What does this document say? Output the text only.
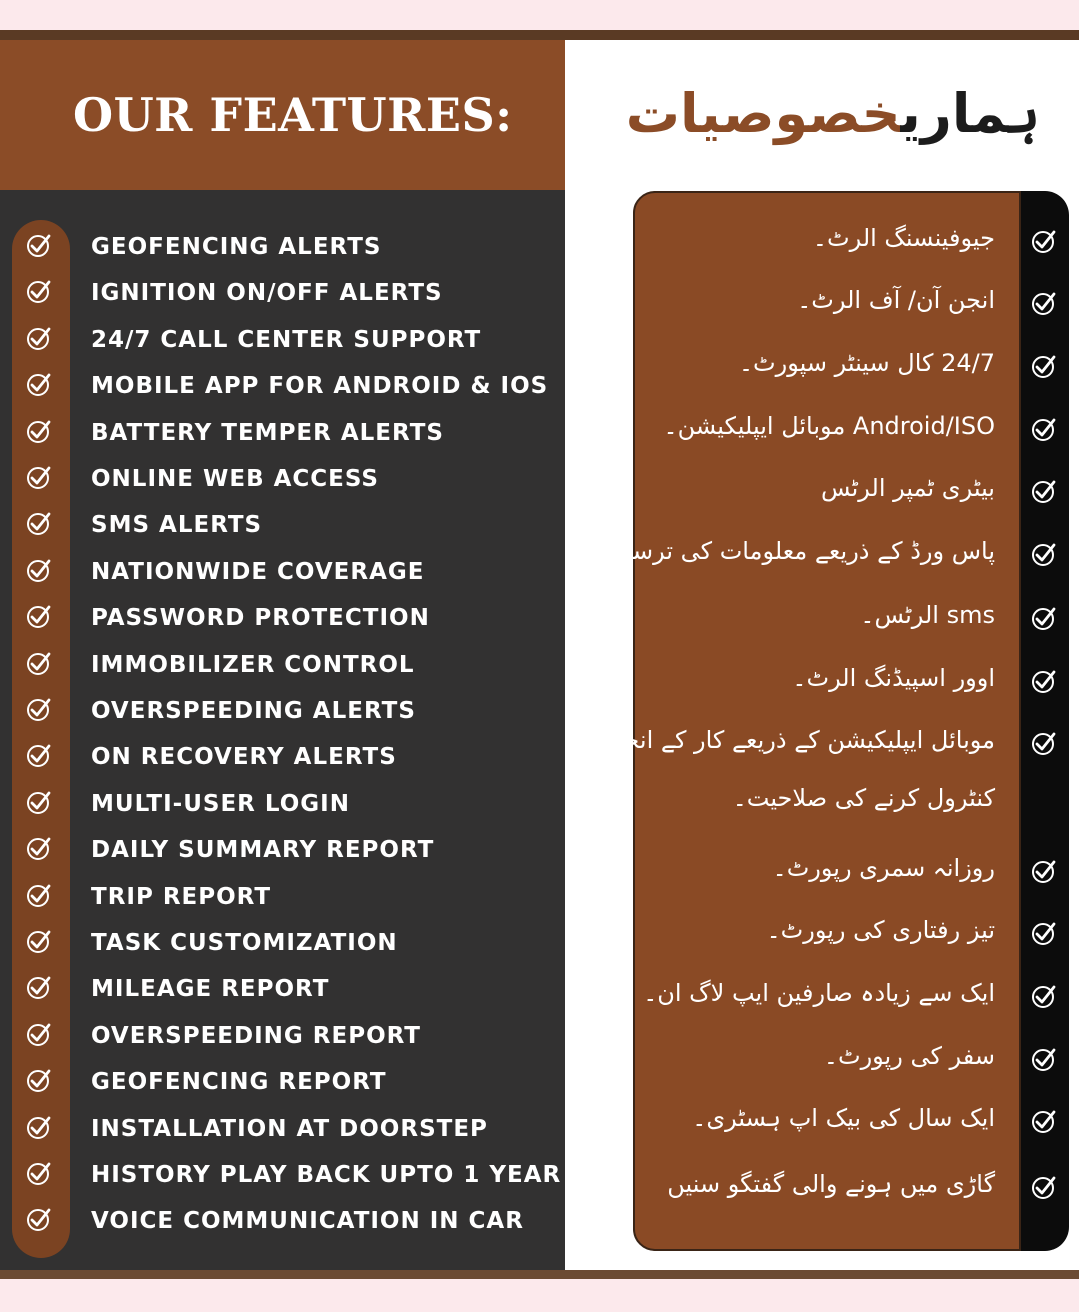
OUR FEATURES:
GEOFENCING ALERTS
IGNITION ON/OFF ALERTS
24/7 CALL CENTER SUPPORT
MOBILE APP FOR ANDROID & IOS
BATTERY TEMPER ALERTS
ONLINE WEB ACCESS
SMS ALERTS
NATIONWIDE COVERAGE
PASSWORD PROTECTION
IMMOBILIZER CONTROL
OVERSPEEDING ALERTS
ON RECOVERY ALERTS
MULTI-USER LOGIN
DAILY SUMMARY REPORT
TRIP REPORT
TASK CUSTOMIZATION
MILEAGE REPORT
OVERSPEEDING REPORT
GEOFENCING REPORT
INSTALLATION AT DOORSTEP
HISTORY PLAY BACK UPTO 1 YEAR
VOICE COMMUNICATION IN CAR
ہماریخصوصیات
جیوفینسنگ الرٹ۔
انجن آن/ آف الرٹ۔
24/7 کال سینٹر سپورٹ۔
Android/ISO موبائل ایپلیکیشن۔
بیٹری ٹمپر الرٹس
پاس ورڈ کے ذریعے معلومات کی ترسیل۔
sms الرٹس۔
اوور اسپیڈنگ الرٹ۔
موبائل ایپلیکیشن کے ذریعے کار کے انجن کو
کنٹرول کرنے کی صلاحیت۔
روزانہ سمری رپورٹ۔
تیز رفتاری کی رپورٹ۔
ایک سے زیادہ صارفین ایپ لاگ ان۔
سفر کی رپورٹ۔
ایک سال کی بیک اپ ہسٹری۔
گاڑی میں ہونے والی گفتگو سنیں
